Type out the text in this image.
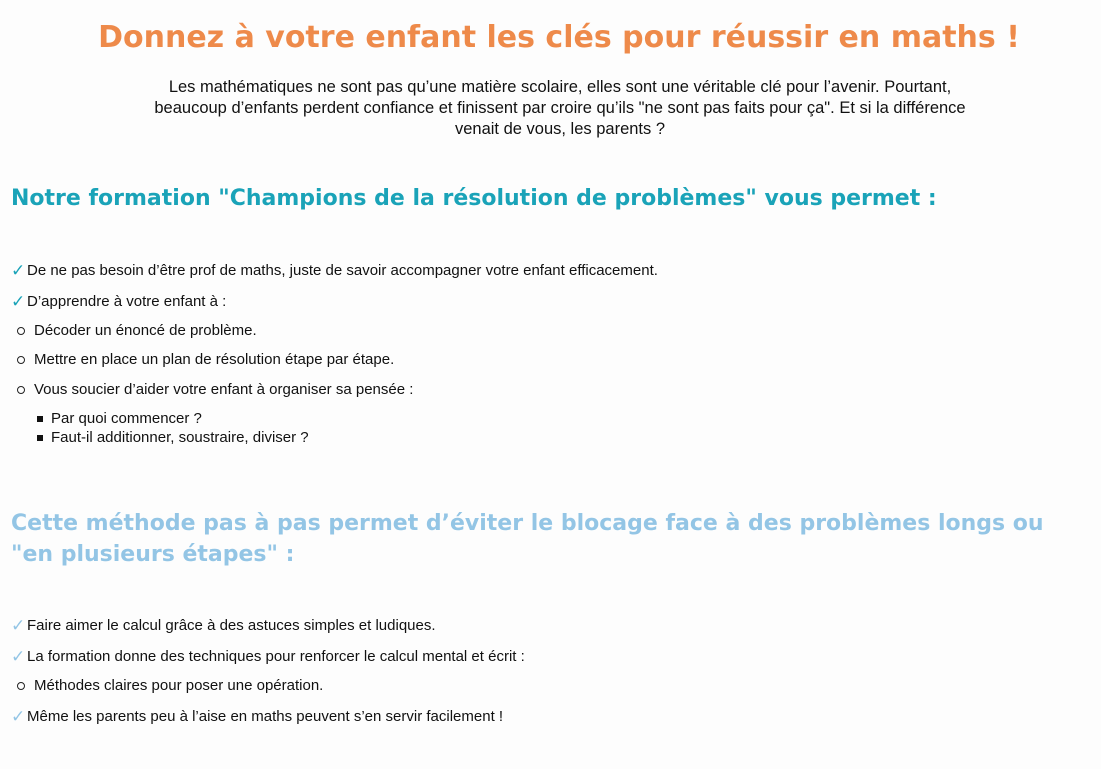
Donnez à votre enfant les clés pour réussir en maths !

Les mathématiques ne sont pas qu’une matière scolaire, elles sont une véritable clé pour l’avenir. Pourtant, beaucoup d’enfants perdent confiance et finissent par croire qu’ils "ne sont pas faits pour ça". Et si la différence venait de vous, les parents ?

Notre formation "Champions de la résolution de problèmes" vous permet :
✓ De ne pas besoin d’être prof de maths, juste de savoir accompagner votre enfant efficacement.
✓ D’apprendre à votre enfant à :
Décoder un énoncé de problème.
Mettre en place un plan de résolution étape par étape.
Vous soucier d’aider votre enfant à organiser sa pensée :
Par quoi commencer ?
Faut-il additionner, soustraire, diviser ?
Cette méthode pas à pas permet d’éviter le blocage face à des problèmes longs ou "en plusieurs étapes" :
✓ Faire aimer le calcul grâce à des astuces simples et ludiques.
✓ La formation donne des techniques pour renforcer le calcul mental et écrit :
Méthodes claires pour poser une opération.
✓ Même les parents peu à l’aise en maths peuvent s’en servir facilement !
